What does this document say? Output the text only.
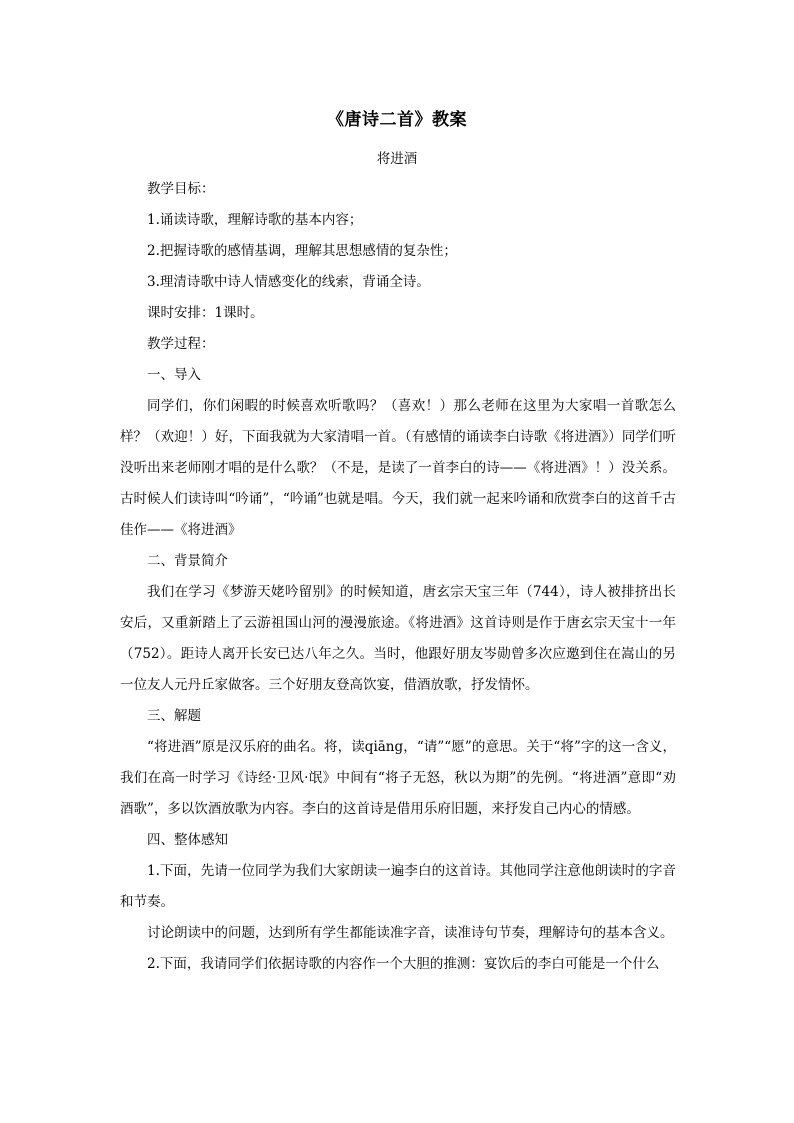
《唐诗二首》教案
将进酒
教学目标：
1.诵读诗歌，理解诗歌的基本内容；
2.把握诗歌的感情基调，理解其思想感情的复杂性；
3.理清诗歌中诗人情感变化的线索，背诵全诗。
课时安排：1课时。
教学过程：
一、导入
同学们，你们闲暇的时候喜欢听歌吗？（喜欢！）那么老师在这里为大家唱一首歌怎么样？（欢迎！）好，下面我就为大家清唱一首。（有感情的诵读李白诗歌《将进酒》）同学们听没听出来老师刚才唱的是什么歌？（不是，是读了一首李白的诗——《将进酒》！）没关系。古时候人们读诗叫“吟诵”，“吟诵”也就是唱。今天，我们就一起来吟诵和欣赏李白的这首千古佳作——《将进酒》
二、背景简介
我们在学习《梦游天姥吟留别》的时候知道，唐玄宗天宝三年（744），诗人被排挤出长安后，又重新踏上了云游祖国山河的漫漫旅途。《将进酒》这首诗则是作于唐玄宗天宝十一年（752）。距诗人离开长安已达八年之久。当时，他跟好朋友岑勋曾多次应邀到住在嵩山的另一位友人元丹丘家做客。三个好朋友登高饮宴，借酒放歌，抒发情怀。
三、解题
“将进酒”原是汉乐府的曲名。将，读qiāng，“请”“愿”的意思。关于“将”字的这一含义，我们在高一时学习《诗经·卫风·氓》中间有“将子无怒，秋以为期”的先例。“将进酒”意即“劝酒歌”，多以饮酒放歌为内容。李白的这首诗是借用乐府旧题，来抒发自己内心的情感。
四、整体感知
1.下面，先请一位同学为我们大家朗读一遍李白的这首诗。其他同学注意他朗读时的字音和节奏。
讨论朗读中的问题，达到所有学生都能读准字音，读准诗句节奏，理解诗句的基本含义。
2.下面，我请同学们依据诗歌的内容作一个大胆的推测：宴饮后的李白可能是一个什么
